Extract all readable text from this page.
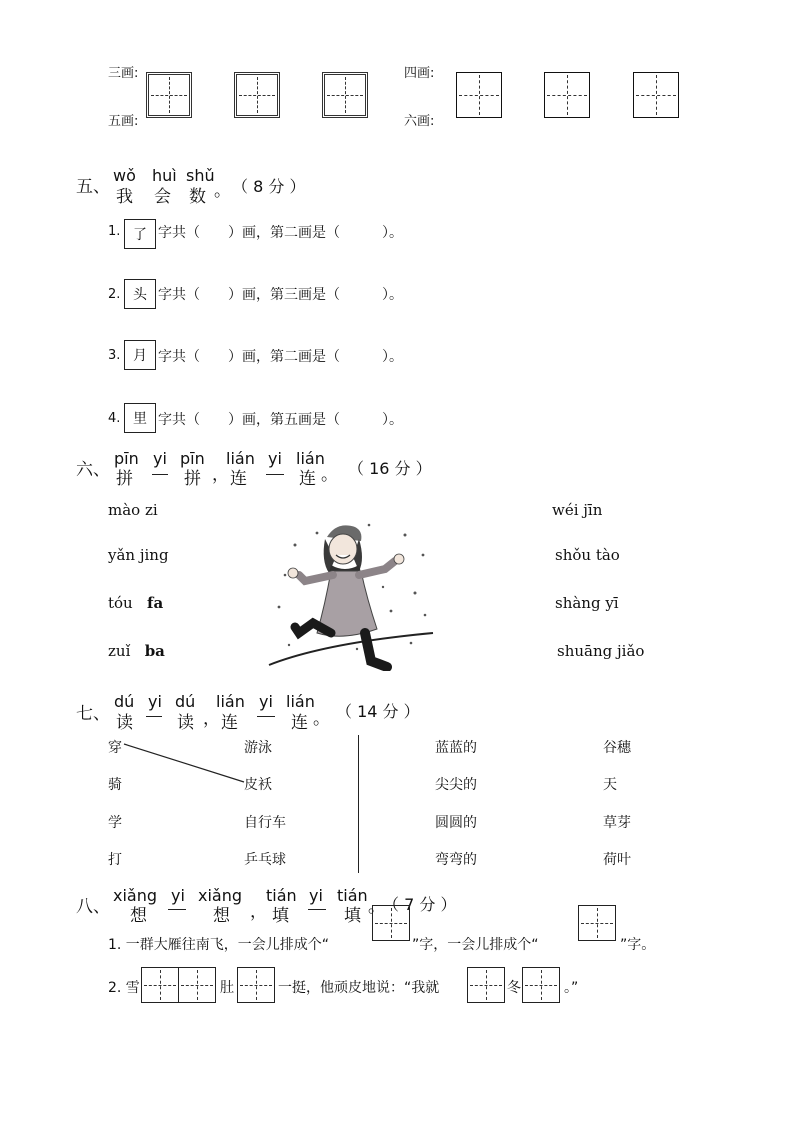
三画:
五画:
四画:
六画:
五、
wǒ huì shǔ
我 会 数 。 （ 8 分 ）
1. 了 字共（　　）画，第二画是（　　　）。
2. 头 字共（　　）画，第三画是（　　　）。
3. 月 字共（　　）画，第二画是（　　　）。
4. 里 字共（　　）画，第五画是（　　　）。
六、
pīn yi pīn lián yi lián
拼	拼 ， 连	连 。 （ 16 分 ）
mào zi
yǎn jing
tóu fa
zuǐ ba
wéi jīn
shǒu tào
shàng yī
shuāng jiǎo
七、
dú yi dú lián yi lián
读	读 ， 连	连 。 （ 14 分 ）
穿
骑
学
打
游泳
皮袄
自行车
乒乓球
蓝蓝的
尖尖的
圆圆的
弯弯的
谷穗
天
草芽
荷叶
八、
xiǎng yi xiǎng tián yi tián
想	想 ， 填	填 。
（ 7 分 ）
1. 一群大雁往南飞，一会儿排成个“	”字，一会儿排成个“	”字。
2. 雪	肚	一挺，他顽皮地说：“我就	冬	。”
